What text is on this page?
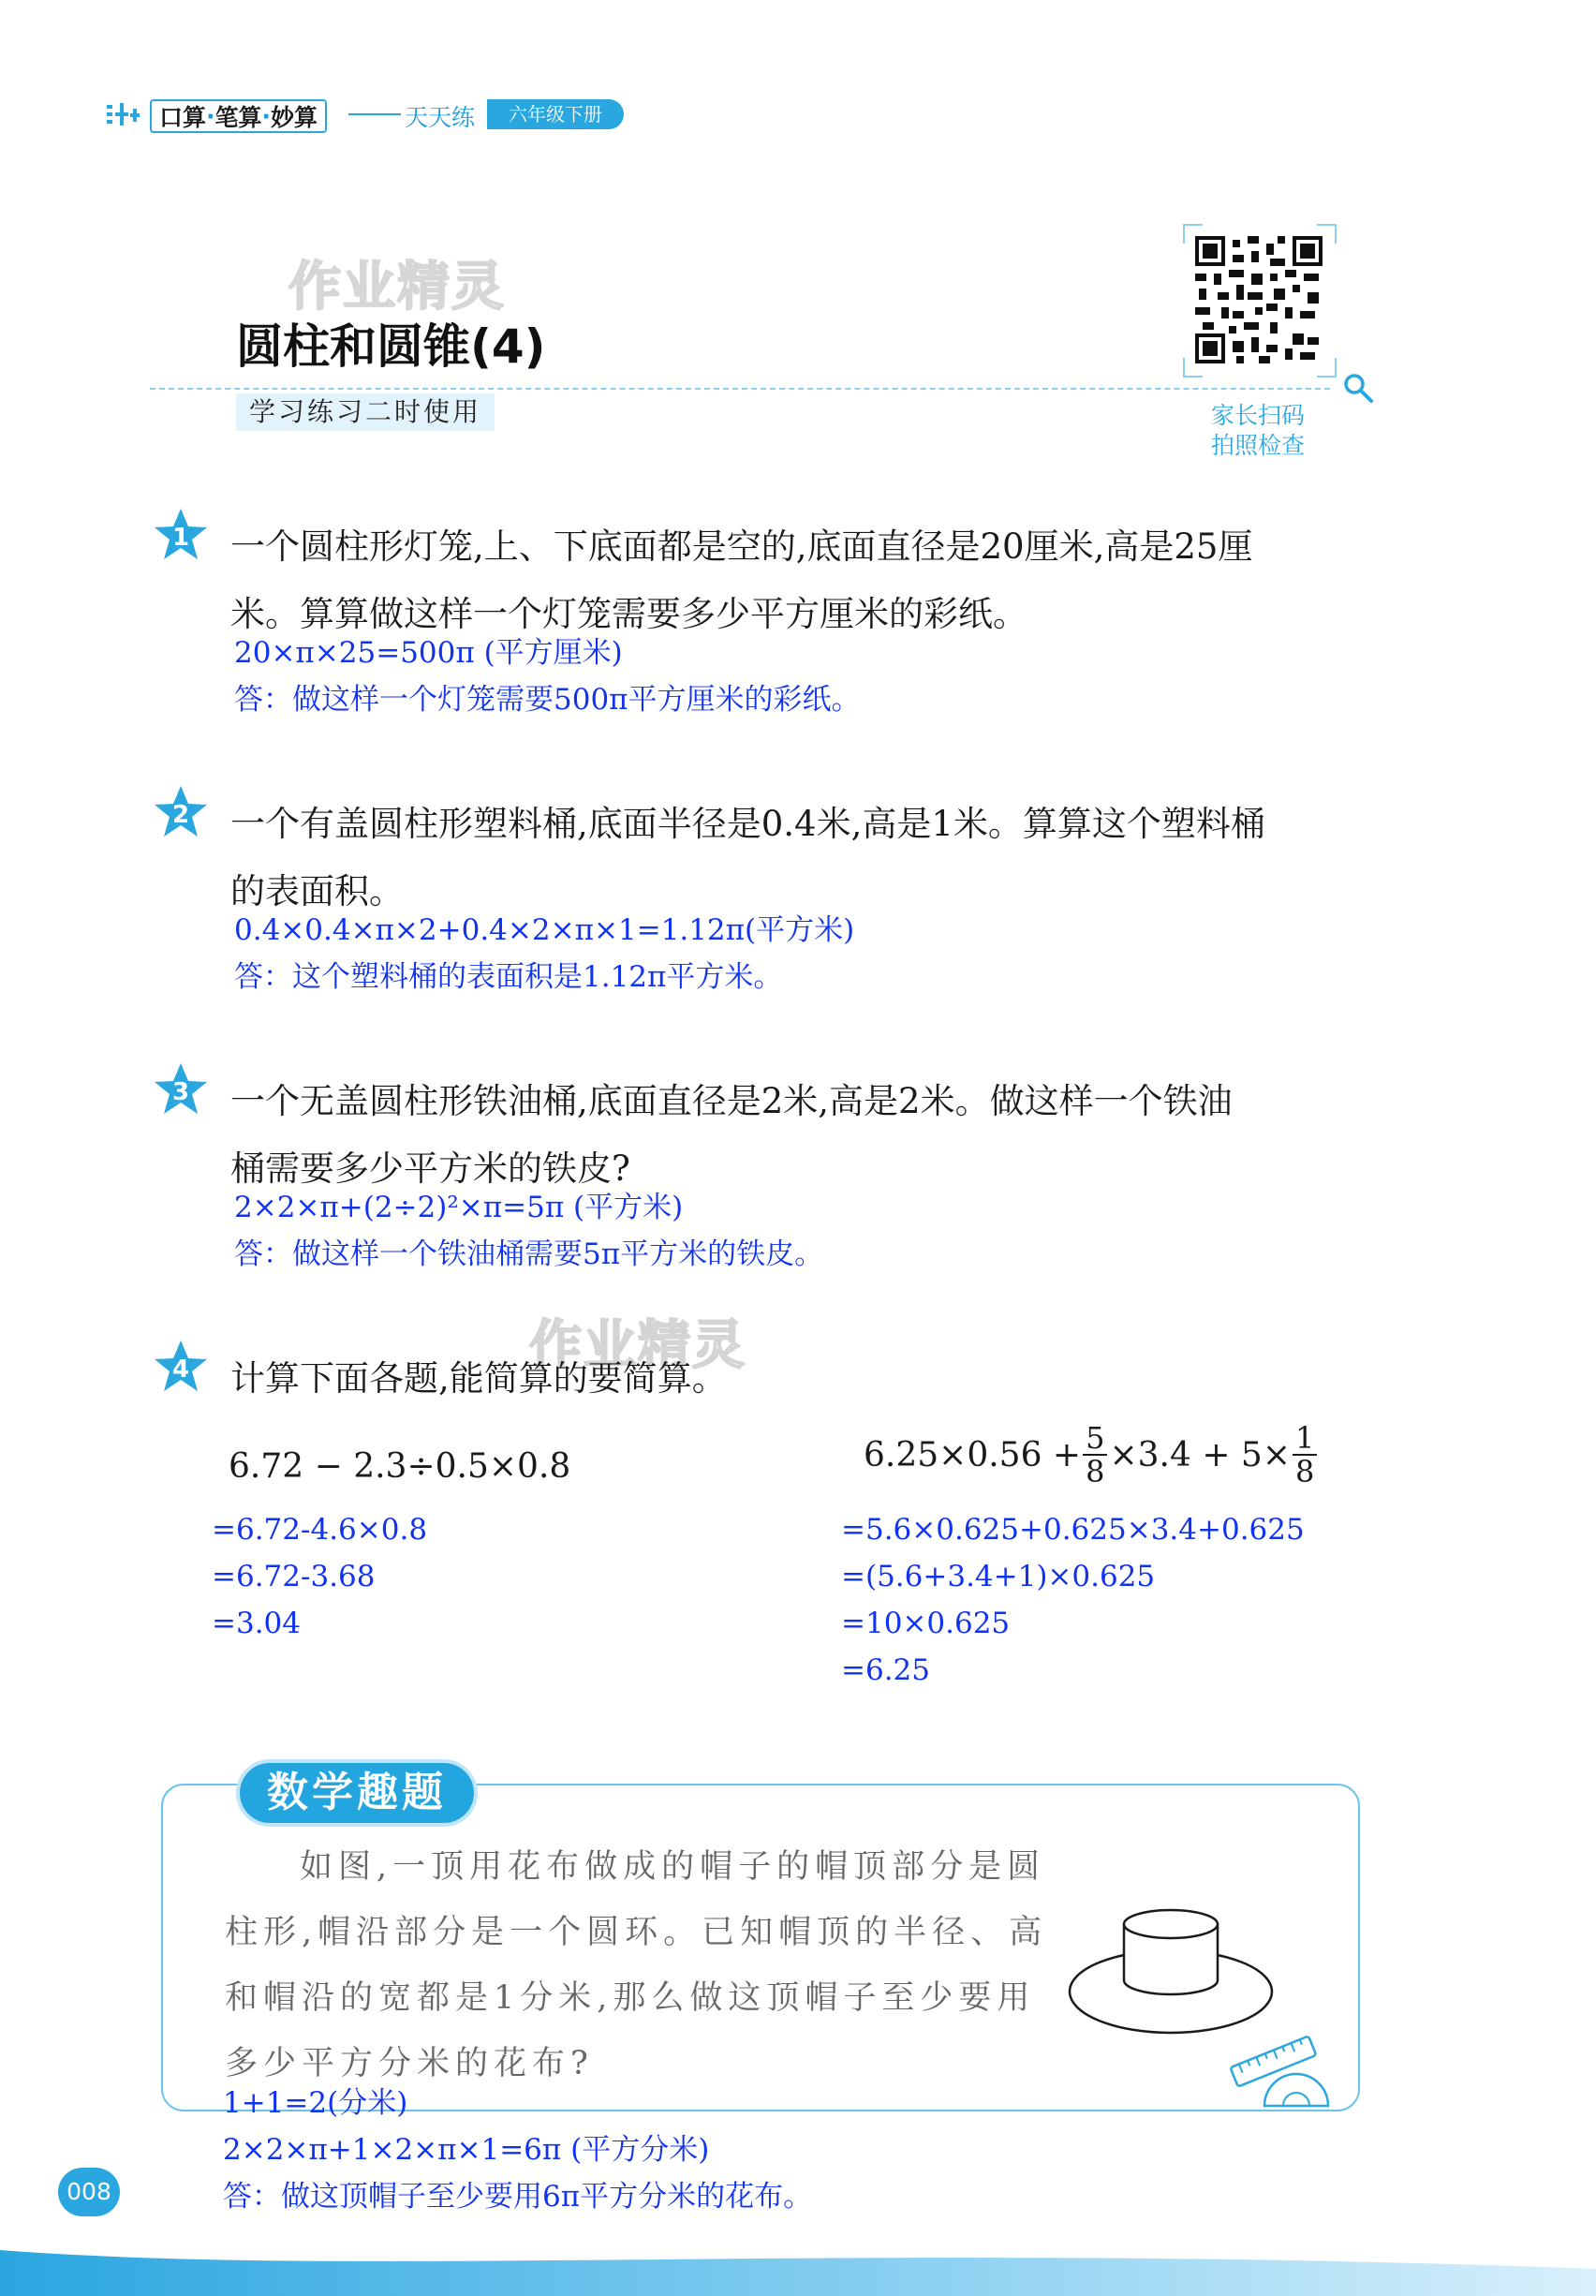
口算 · 笔算 · 妙算	天天练	六年级下册
作业精灵
圆柱和圆锥(4)
学习练习二时使用	家长扫码
拍照检查
1 一个圆柱形灯笼,上、下底面都是空的,底面直径是20厘米,高是25厘
米。算算做这样一个灯笼需要多少平方厘米的彩纸。
20×π×25=500π (平方厘米)
答：做这样一个灯笼需要500π平方厘米的彩纸。
2 一个有盖圆柱形塑料桶,底面半径是0.4米,高是1米。算算这个塑料桶
的表面积。
0.4×0.4×π×2+0.4×2×π×1=1.12π(平方米)
答：这个塑料桶的表面积是1.12π平方米。
3 一个无盖圆柱形铁油桶,底面直径是2米,高是2米。做这样一个铁油
桶需要多少平方米的铁皮?
2×2×π+(2÷2)²×π=5π (平方米)
答：做这样一个铁油桶需要5π平方米的铁皮。
作业精灵
4 计算下面各题,能简算的要简算。
6.72 − 2.3÷0.5×0.8
=6.72-4.6×0.8
=6.72-3.68
=3.04
$6.25\times 0.56 + \frac{5}{8} \times 3.4 + 5\times \frac{1}{8}$
=5.6×0.625+0.625×3.4+0.625
=(5.6+3.4+1)×0.625
=10×0.625
=6.25
数学趣题
如图,一顶用花布做成的帽子的帽顶部分是圆柱形,帽沿部分是一个圆环。已知帽顶的半径、高和帽沿的宽都是1分米,那么做这顶帽子至少要用多少平方分米的花布?
1+1=2(分米)
2×2×π+1×2×π×1=6π (平方分米)
答：做这顶帽子至少要用6π平方分米的花布。
008
